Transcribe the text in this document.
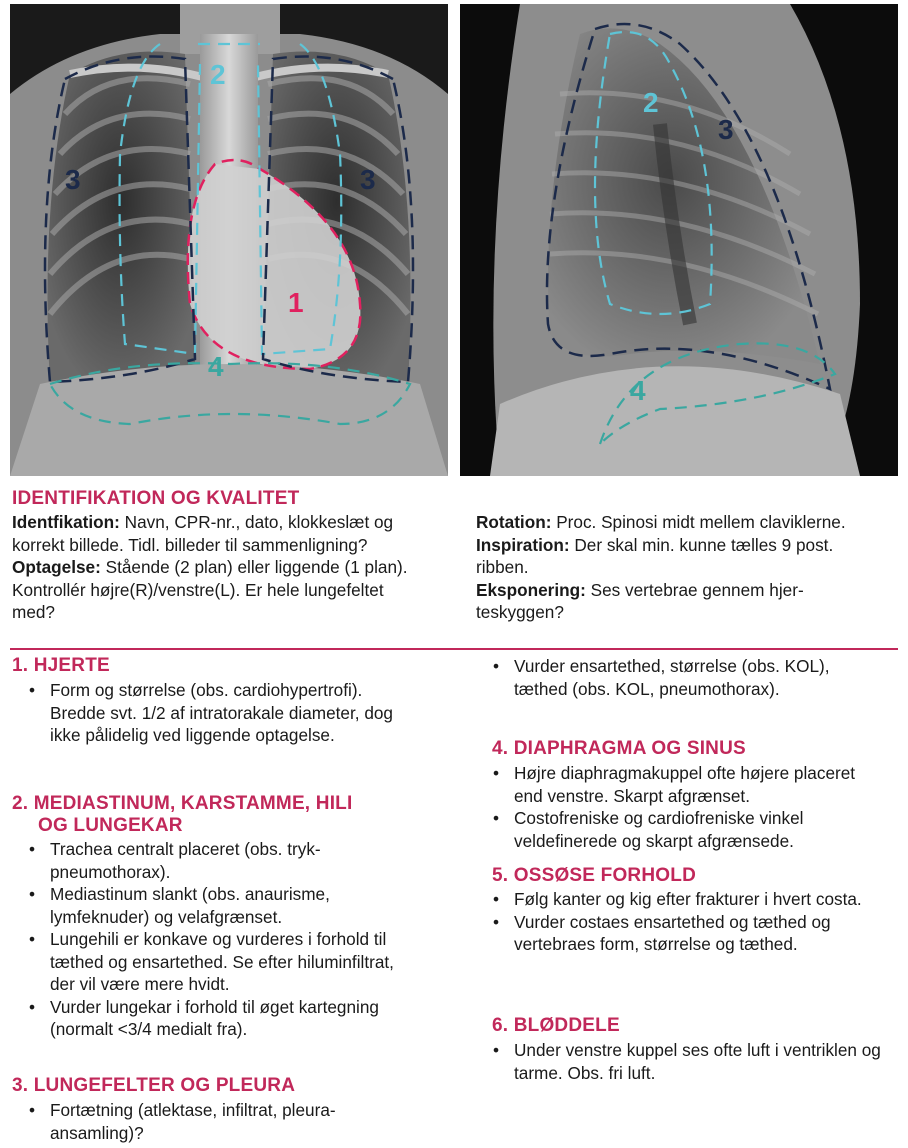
1
2
3	3
4
2
3
4
IDENTIFIKATION OG KVALITET

Identfikation: Navn, CPR-nr., dato, klokkeslæt og korrekt billede. Tidl. billeder til sammenligning?

Optagelse: Stående (2 plan) eller liggende (1 plan). Kontrollér højre(R)/venstre(L). Er hele lungefeltet med?

Rotation: Proc. Spinosi midt mellem claviklerne.

Inspiration: Der skal min. kunne tælles 9 post. ribben.

Eksponering: Ses vertebrae gennem hjerteskyggen?

1. HJERTE
• Form og størrelse (obs. cardiohypertrofi). Bredde svt. 1/2 af intratorakale diameter, dog ikke pålidelig ved liggende optagelse.
2. MEDIASTINUM, KARSTAMME, HILI
OG LUNGEKAR
• Trachea centralt placeret (obs. trykpneumothorax).
• Mediastinum slankt (obs. anaurisme, lymfeknuder) og velafgrænset.
• Lungehili er konkave og vurderes i forhold til tæthed og ensartethed. Se efter hiluminfiltrat, der vil være mere hvidt.
• Vurder lungekar i forhold til øget kartegning (normalt <3/4 medialt fra).
3. LUNGEFELTER OG PLEURA
• Fortætning (atlektase, infiltrat, pleuraansamling)?
• Vurder ensartethed, størrelse (obs. KOL), tæthed (obs. KOL, pneumothorax).
4. DIAPHRAGMA OG SINUS
• Højre diaphragmakuppel ofte højere placeret end venstre. Skarpt afgrænset.
• Costofreniske og cardiofreniske vinkel veldefinerede og skarpt afgrænsede.
5. OSSØSE FORHOLD
• Følg kanter og kig efter frakturer i hvert costa.
• Vurder costaes ensartethed og tæthed og vertebraes form, størrelse og tæthed.
6. BLØDDELE
• Under venstre kuppel ses ofte luft i ventriklen og tarme. Obs. fri luft.
